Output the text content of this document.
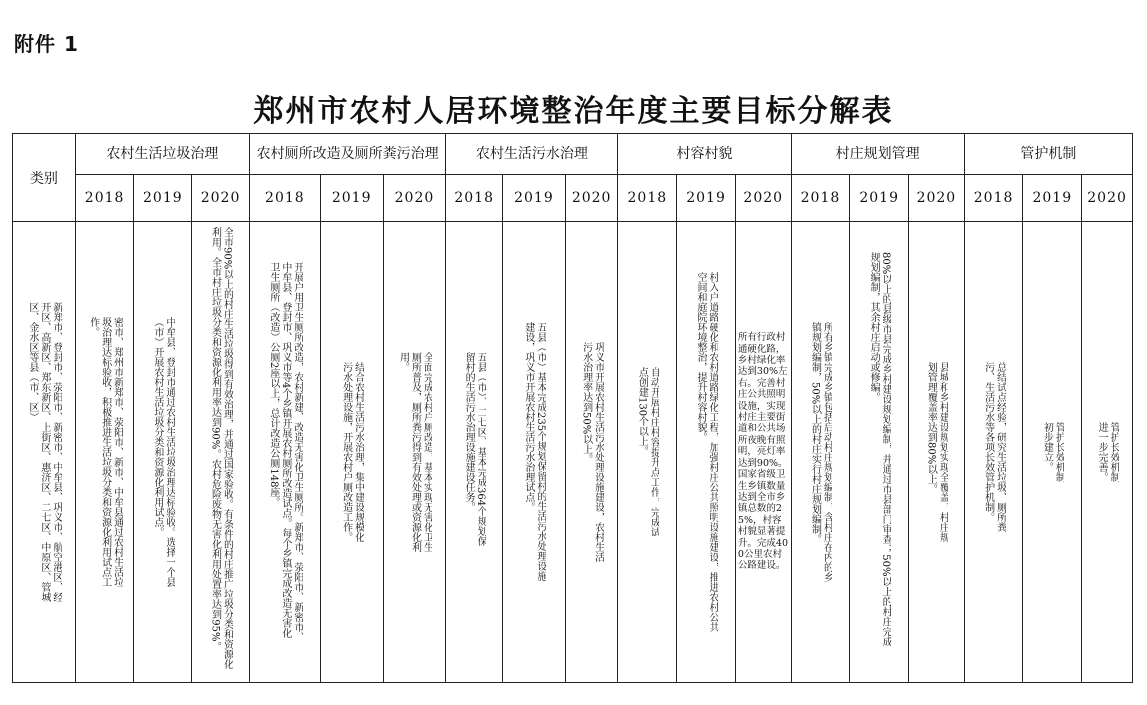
附件 1
郑州市农村人居环境整治年度主要目标分解表
类别	农村生活垃圾治理			农村厕所改造及厕所粪污治理			农村生活污水治理			村容村貌			村庄规划管理			管护机制		
	2018	2019	2020	2018	2019	2020	2018	2019	2020	2018	2019	2020	2018	2019	2020	2018	2019	2020

新郑市、登封市、荥阳市、新密市、中牟县、巩义市、航空港区、经开区、高新区、郑东新区、上街区、惠济区、二七区、中原区、管城区、金水区等县（市、区）	密市、郑州市新郑市、荥阳市、新市、中牟县通过农村生活垃圾治理达标验收，积极推进生活垃圾分类和资源化利用试点工作。	中牟县、登封市通过农村生活垃圾治理达标验收。选择一个县（市）开展农村生活垃圾分类和资源化利用试点。	全市90%以上的村庄生活垃圾得到有效治理，并通过国家验收。有条件的村庄推广垃圾分类和资源化利用。全市村庄垃圾分类和资源化利用率达到90%。农村危险废物无害化利用处置率达到95%。	开展户用卫生厕所改造，农村新建、改造无害化卫生厕所。新郑市、荥阳市、新密市、中牟县、登封市、巩义市等4个乡镇开展农村厕所改造试点。每个乡镇完成改造无害化卫生厕所（改造）公厕2座以上，总计改造公厕148座。	结合农村生活污水治理，集中建设规模化污水处理设施，开展农村户厕改造工作。	全面完成农村户厕改造，基本实现无害化卫生厕所普及，厕所粪污得到有效处理或资源化利用。	五县（市）、二七区、基本完成364个规划保留村的生活污水治理设施建设任务。	五县（市）基本完成235个规划保留村的生活污水处理设施建设，巩义市开展农村生活污水治理试点。	巩义市开展农村生活污水处理设施建设，农村生活污水治理率达到50%以上。	自动开展村庄村容提升点工作，完成试点创建130个以上。	村入户道路硬化和农村道路绿化工程，加强村庄公共照明设施建设，推进农村公共空间和庭院环境整治，提升村容村貌。	所有行政村通硬化路，乡村绿化率达到30%左右。完善村庄公共照明设施，实现村庄主要街道和公共场所夜晚有照明，亮灯率达到90%。国家省级卫生乡镇数量达到全市乡镇总数的25%，村容村貌显著提升。完成400公里农村公路建设。	所有乡镇完成乡镇包括启动村庄规划编制，含村庄在内的乡镇规划编制，50%以上的村庄实行村庄规划编制。	80%以上的县级市县完成乡村建设规划编制，并通过市县部门审查；50%以上的村庄完成规划编制，其余村庄启动或修编。	县城和乡村建设规划实现全覆盖，村庄规划管理覆盖率达到80%以上。	总结试点经验，研究生活垃圾、厕所粪污、生活污水等各项长效管护机制。	管护长效机制初步建立。	管护长效机制进一步完善。
